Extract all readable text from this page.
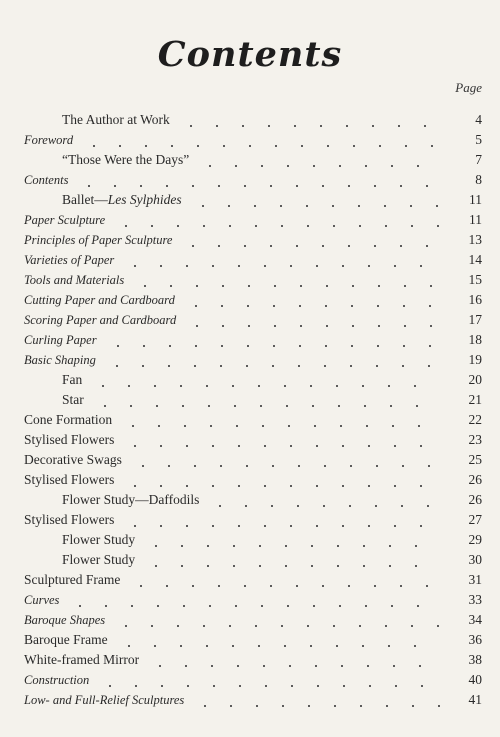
Contents
Page
The Author at Work	4
Foreword	5
“Those Were the Days”	7
Contents	8
Ballet—Les Sylphides	11
Paper Sculpture	11
Principles of Paper Sculpture	13
Varieties of Paper	14
Tools and Materials	15
Cutting Paper and Cardboard	16
Scoring Paper and Cardboard	17
Curling Paper	18
Basic Shaping	19
Fan	20
Star	21
Cone Formation	22
Stylised Flowers	23
Decorative Swags	25
Stylised Flowers	26
Flower Study—Daffodils	26
Stylised Flowers	27
Flower Study	29
Flower Study	30
Sculptured Frame	31
Curves	33
Baroque Shapes	34
Baroque Frame	36
White-framed Mirror	38
Construction	40
Low- and Full-Relief Sculptures	41
